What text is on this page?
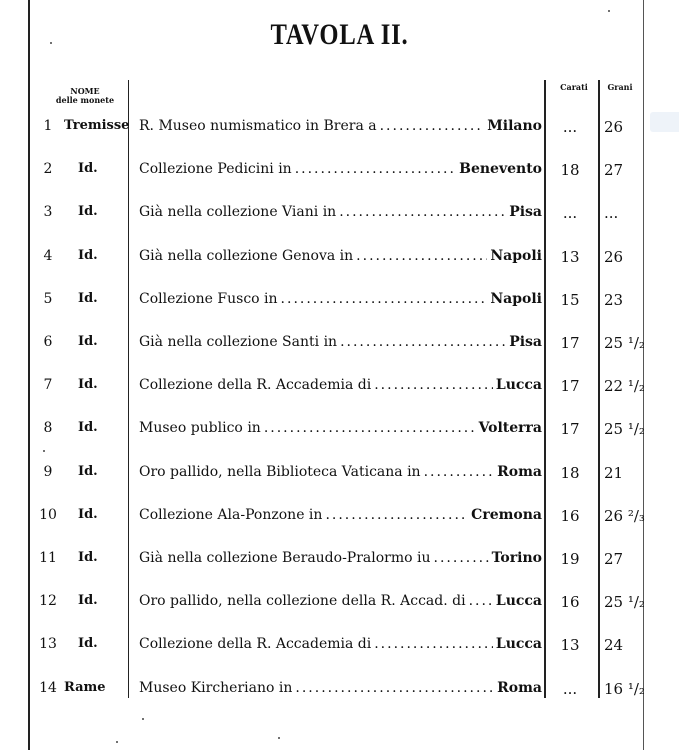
TAVOLA II.
NOME
delle monete
Carati	Grani
1 Tremisse R. Museo numismatico in Brera a .....	Milano	...	26
2	Id.	Collezione Pedicini in .....	Benevento	18	27
3	Id.	Già nella collezione Viani in .....	Pisa	...	...
4	Id.	Già nella collezione Genova in .....	Napoli	13	26
5	Id.	Collezione Fusco in .....	Napoli	15	23
6	Id.	Già nella collezione Santi in .....	Pisa	17	25 ¹/₂
7	Id.	Collezione della R. Accademia di .....	Lucca	17	22 ¹/₂
8	Id.	Museo publico in .....	Volterra	17	25 ¹/₂
9	Id.	Oro pallido, nella Biblioteca Vaticana in .....	Roma	18	21
10 Id.	Collezione Ala-Ponzone in .....	Cremona	16	26 ²/₃
11 Id.	Già nella collezione Beraudo-Pralormo iu .....	Torino	19	27
12 Id.	Oro pallido, nella collezione della R. Accad. di ..... Lucca	16	25 ¹/₂
13 Id.	Collezione della R. Accademia di .....	Lucca	13	24
14 Rame	Museo Kircheriano in .....	Roma	...	16 ¹/₂
